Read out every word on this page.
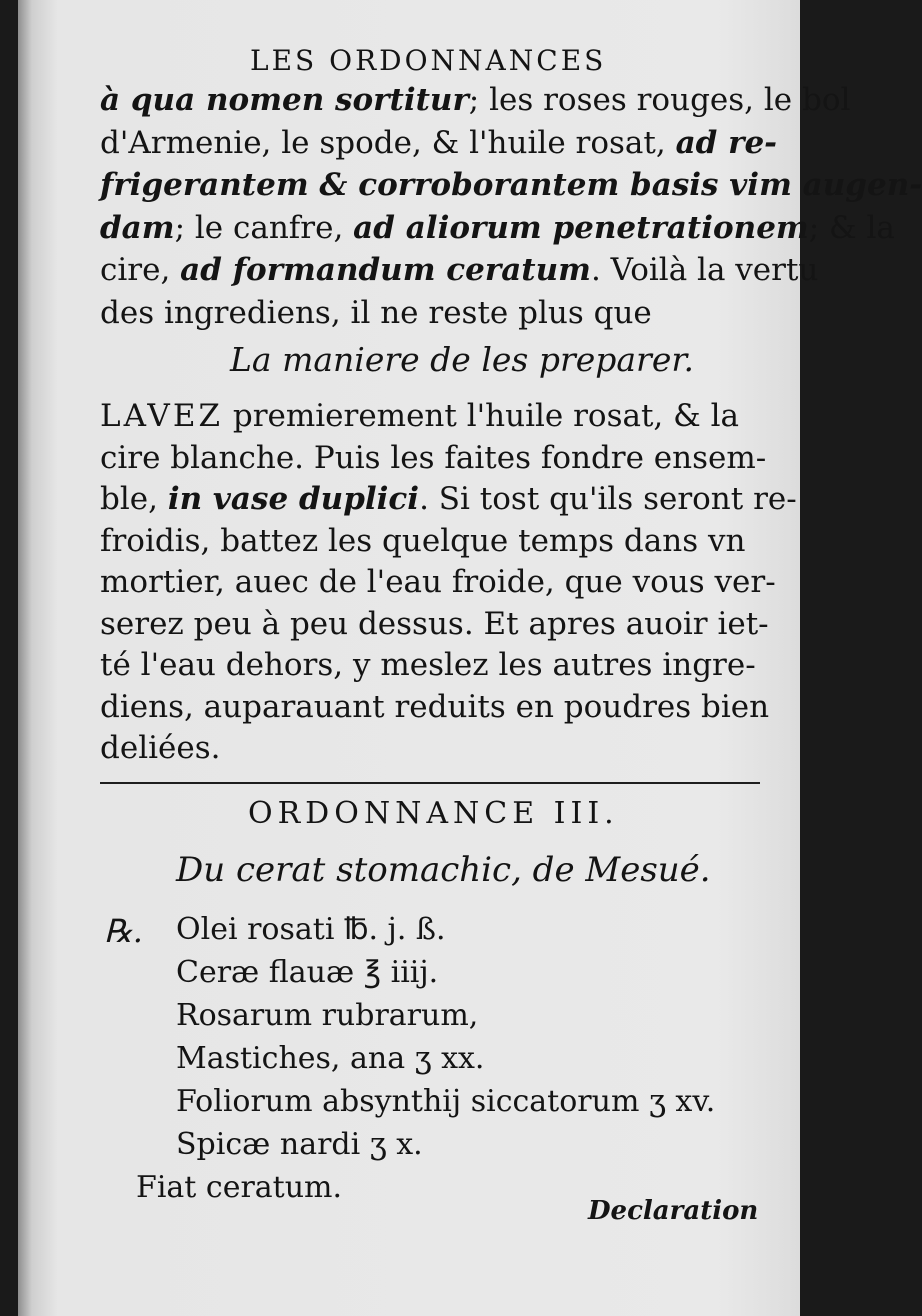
LES ORDONNANCES
à qua nomen sortitur; les roses rouges, le bol
d'Armenie, le spode, & l'huile rosat, ad re-
frigerantem & corroborantem basis vim augen-
dam; le canfre, ad aliorum penetrationem; & la
cire, ad formandum ceratum. Voilà la vertu
des ingrediens, il ne reste plus que
La maniere de les preparer.
LAVEZ premierement l'huile rosat, & la
cire blanche. Puis les faites fondre ensem-
ble, in vase duplici. Si tost qu'ils seront re-
froidis, battez les quelque temps dans vn
mortier, auec de l'eau froide, que vous ver-
serez peu à peu dessus. Et apres auoir iet-
té l'eau dehors, y meslez les autres ingre-
diens, auparauant reduits en poudres bien
deliées.
ORDONNANCE III.
Du cerat stomachic, de Mesué.
℞. Olei rosati ℔. j. ß.
Ceræ flauæ ℥ iiij.
Rosarum rubrarum,
Mastiches, ana ʒ xx.
Foliorum absynthij siccatorum ʒ xv.
Spicæ nardi ʒ x.
Fiat ceratum.
Declaration
